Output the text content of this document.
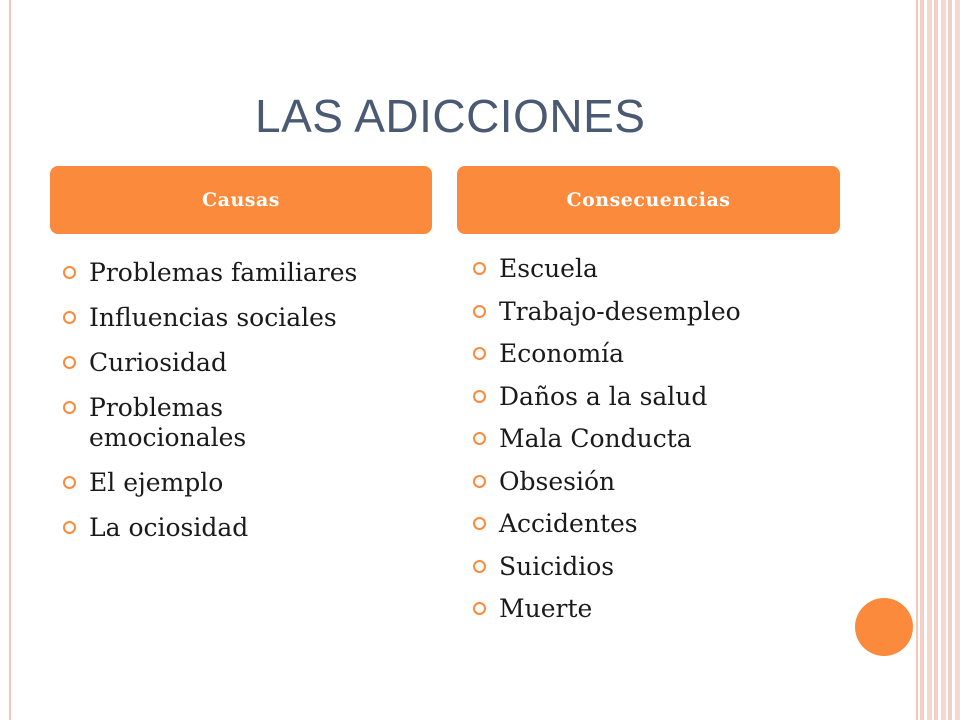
LAS ADICCIONES
Causas	Consecuencias
Problemas familiares
Influencias sociales
Curiosidad
Problemas emocionales
El ejemplo
La ociosidad
Escuela
Trabajo-desempleo
Economía
Daños a la salud
Mala Conducta
Obsesión
Accidentes
Suicidios
Muerte
